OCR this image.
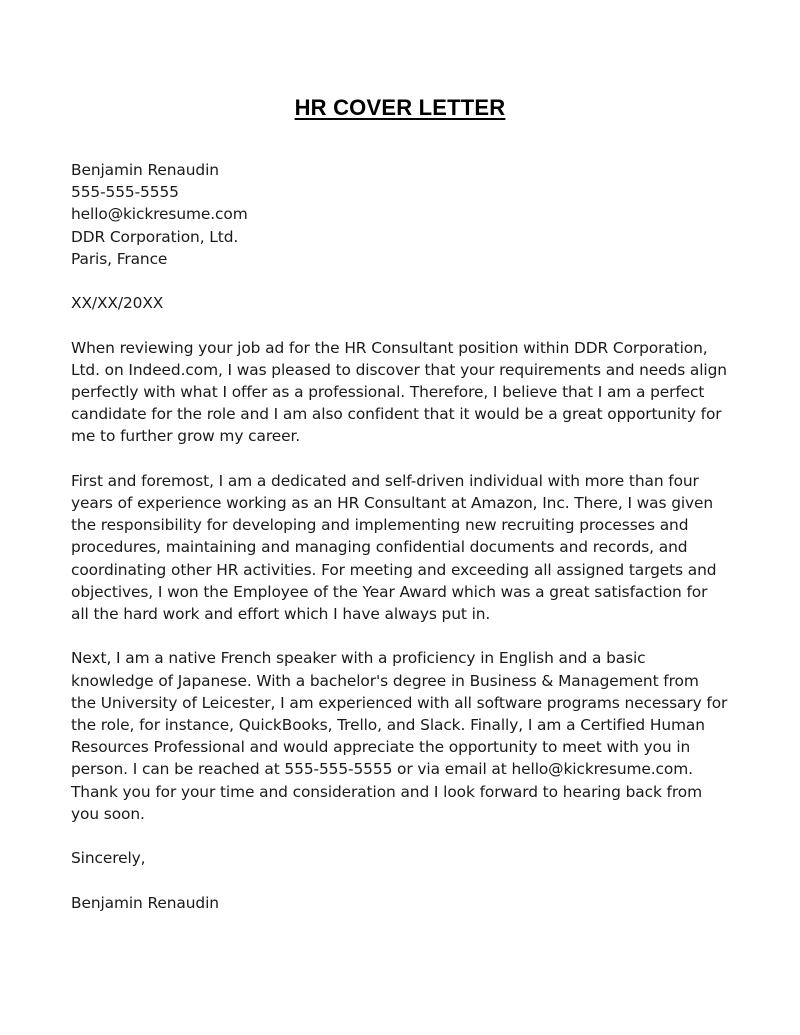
HR COVER LETTER
Benjamin Renaudin
555-555-5555
hello@kickresume.com
DDR Corporation, Ltd.
Paris, France
XX/XX/20XX
When reviewing your job ad for the HR Consultant position within DDR Corporation,
Ltd. on Indeed.com, I was pleased to discover that your requirements and needs align
perfectly with what I offer as a professional. Therefore, I believe that I am a perfect
candidate for the role and I am also confident that it would be a great opportunity for
me to further grow my career.
First and foremost, I am a dedicated and self-driven individual with more than four
years of experience working as an HR Consultant at Amazon, Inc. There, I was given
the responsibility for developing and implementing new recruiting processes and
procedures, maintaining and managing confidential documents and records, and
coordinating other HR activities. For meeting and exceeding all assigned targets and
objectives, I won the Employee of the Year Award which was a great satisfaction for
all the hard work and effort which I have always put in.
Next, I am a native French speaker with a proficiency in English and a basic
knowledge of Japanese. With a bachelor's degree in Business & Management from
the University of Leicester, I am experienced with all software programs necessary for
the role, for instance, QuickBooks, Trello, and Slack. Finally, I am a Certified Human
Resources Professional and would appreciate the opportunity to meet with you in
person. I can be reached at 555-555-5555 or via email at hello@kickresume.com.
Thank you for your time and consideration and I look forward to hearing back from
you soon.
Sincerely,
Benjamin Renaudin
